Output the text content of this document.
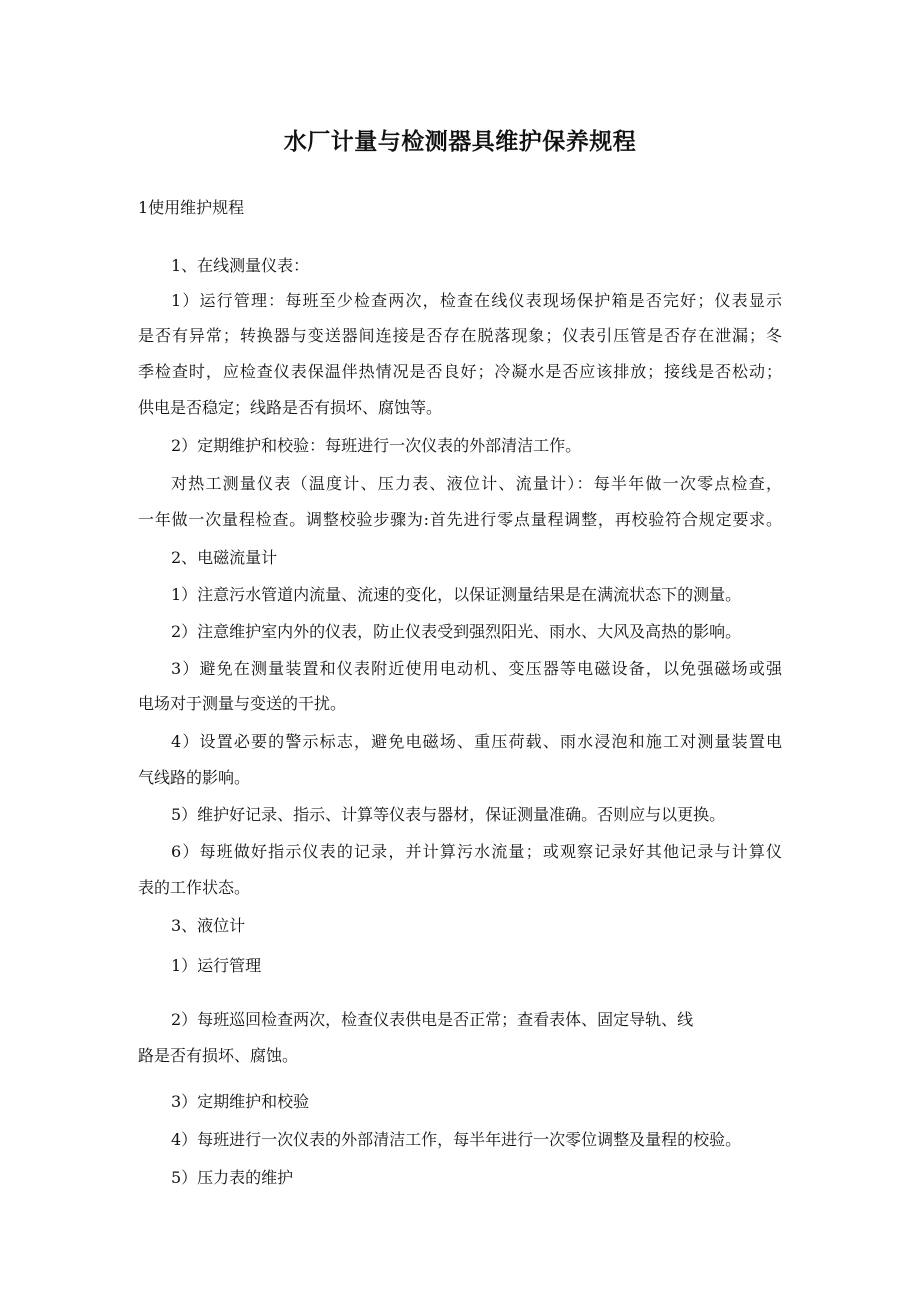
水厂计量与检测器具维护保养规程
1使用维护规程
1、在线测量仪表：
1）运行管理：每班至少检查两次，检查在线仪表现场保护箱是否完好；仪表显示
是否有异常；转换器与变送器间连接是否存在脱落现象；仪表引压管是否存在泄漏；冬
季检查时，应检查仪表保温伴热情况是否良好；冷凝水是否应该排放；接线是否松动；
供电是否稳定；线路是否有损坏、腐蚀等。
2）定期维护和校验：每班进行一次仪表的外部清洁工作。
对热工测量仪表（温度计、压力表、液位计、流量计）：每半年做一次零点检查，
一年做一次量程检查。调整校验步骤为:首先进行零点量程调整，再校验符合规定要求。
2、电磁流量计
1）注意污水管道内流量、流速的变化，以保证测量结果是在满流状态下的测量。
2）注意维护室内外的仪表，防止仪表受到强烈阳光、雨水、大风及高热的影响。
3）避免在测量装置和仪表附近使用电动机、变压器等电磁设备，以免强磁场或强
电场对于测量与变送的干扰。
4）设置必要的警示标志，避免电磁场、重压荷载、雨水浸泡和施工对测量装置电
气线路的影响。
5）维护好记录、指示、计算等仪表与器材，保证测量准确。否则应与以更换。
6）每班做好指示仪表的记录，并计算污水流量；或观察记录好其他记录与计算仪
表的工作状态。
3、液位计
1）运行管理
2）每班巡回检查两次，检查仪表供电是否正常；查看表体、固定导轨、线
路是否有损坏、腐蚀。
3）定期维护和校验
4）每班进行一次仪表的外部清洁工作，每半年进行一次零位调整及量程的校验。
5）压力表的维护
